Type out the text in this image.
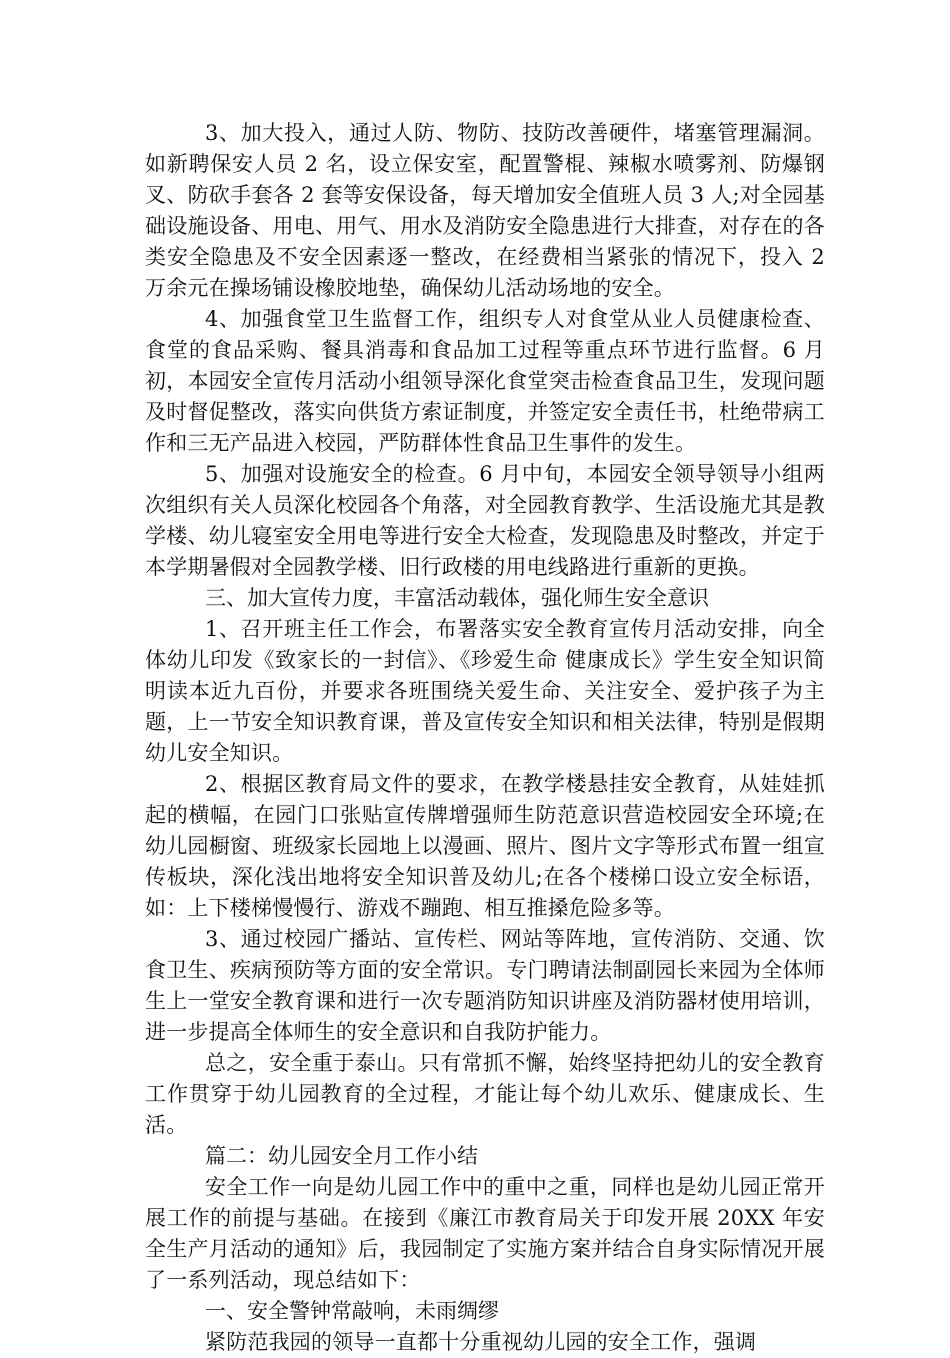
3、加大投入，通过人防、物防、技防改善硬件，堵塞管理漏洞。如新聘保安人员 2 名，设立保安室，配置警棍、辣椒水喷雾剂、防爆钢叉、防砍手套各 2 套等安保设备，每天增加安全值班人员 3 人;对全园基础设施设备、用电、用气、用水及消防安全隐患进行大排查，对存在的各类安全隐患及不安全因素逐一整改，在经费相当紧张的情况下，投入 2 万余元在操场铺设橡胶地垫，确保幼儿活动场地的安全。

4、加强食堂卫生监督工作，组织专人对食堂从业人员健康检查、食堂的食品采购、餐具消毒和食品加工过程等重点环节进行监督。6 月初，本园安全宣传月活动小组领导深化食堂突击检查食品卫生，发现问题及时督促整改，落实向供货方索证制度，并签定安全责任书，杜绝带病工作和三无产品进入校园，严防群体性食品卫生事件的发生。

5、加强对设施安全的检查。6 月中旬，本园安全领导领导小组两次组织有关人员深化校园各个角落，对全园教育教学、生活设施尤其是教学楼、幼儿寝室安全用电等进行安全大检查，发现隐患及时整改，并定于本学期暑假对全园教学楼、旧行政楼的用电线路进行重新的更换。

三、加大宣传力度，丰富活动载体，强化师生安全意识

1、召开班主任工作会，布署落实安全教育宣传月活动安排，向全体幼儿印发《致家长的一封信》、《珍爱生命 健康成长》学生安全知识简明读本近九百份，并要求各班围绕关爱生命、关注安全、爱护孩子为主题，上一节安全知识教育课，普及宣传安全知识和相关法律，特别是假期幼儿安全知识。

2、根据区教育局文件的要求，在教学楼悬挂安全教育，从娃娃抓起的横幅，在园门口张贴宣传牌增强师生防范意识营造校园安全环境;在幼儿园橱窗、班级家长园地上以漫画、照片、图片文字等形式布置一组宣传板块，深化浅出地将安全知识普及幼儿;在各个楼梯口设立安全标语，如：上下楼梯慢慢行、游戏不蹦跑、相互推搡危险多等。

3、通过校园广播站、宣传栏、网站等阵地，宣传消防、交通、饮食卫生、疾病预防等方面的安全常识。专门聘请法制副园长来园为全体师生上一堂安全教育课和进行一次专题消防知识讲座及消防器材使用培训，进一步提高全体师生的安全意识和自我防护能力。

总之，安全重于泰山。只有常抓不懈，始终坚持把幼儿的安全教育工作贯穿于幼儿园教育的全过程，才能让每个幼儿欢乐、健康成长、生活。

篇二：幼儿园安全月工作小结

安全工作一向是幼儿园工作中的重中之重，同样也是幼儿园正常开展工作的前提与基础。在接到《廉江市教育局关于印发开展 20XX 年安全生产月活动的通知》后，我园制定了实施方案并结合自身实际情况开展了一系列活动，现总结如下：

一、安全警钟常敲响，未雨绸缪

紧防范我园的领导一直都十分重视幼儿园的安全工作，强调
